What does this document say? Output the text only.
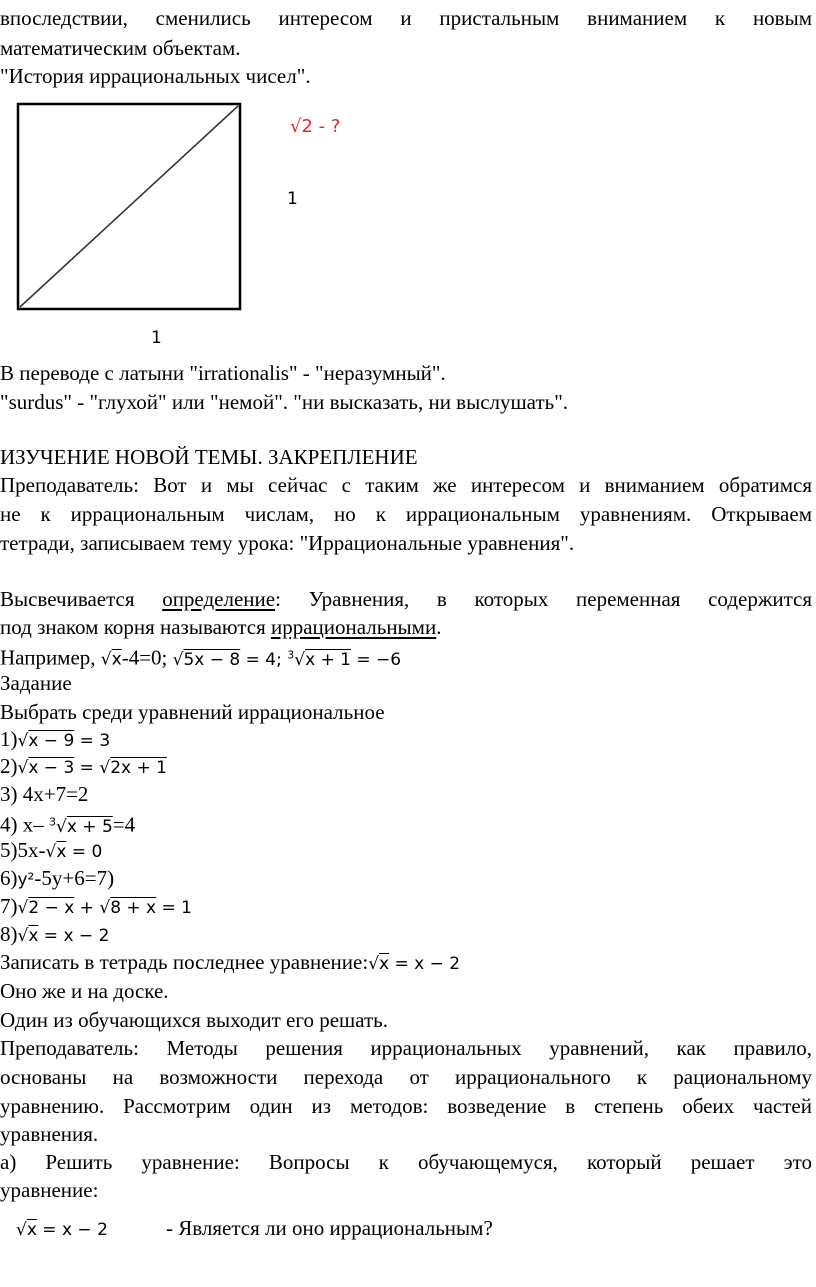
впоследствии, сменились интересом и пристальным вниманием к новым
математическим объектам.
"История иррациональных чисел".
√2 - ?
1
1
В переводе с латыни "irrationalis" - "неразумный".
"surdus" - "глухой" или "немой". "ни высказать, ни выслушать".
ИЗУЧЕНИЕ НОВОЙ ТЕМЫ. ЗАКРЕПЛЕНИЕ
Преподаватель: Вот и мы сейчас с таким же интересом и вниманием обратимся
не к иррациональным числам, но к иррациональным уравнениям. Открываем
тетради, записываем тему урока: "Иррациональные уравнения".
Высвечивается определение: Уравнения, в которых переменная содержится
под знаком корня называются иррациональными.
Например, √x-4=0; √5x − 8 = 4; $^3$√x + 1 = −6
Задание
Выбрать среди уравнений иррациональное
1)√x − 9 = 3
2)√x − 3 = √2x + 1
3) 4x+7=2
4) x– $^3$√x + 5=4
5)5x-√x = 0
6)y²-5y+6=7)
7)√2 − x + √8 + x = 1
8)√x = x − 2
Записать в тетрадь последнее уравнение:√x = x − 2
Оно же и на доске.
Один из обучающихся выходит его решать.
Преподаватель: Методы решения иррациональных уравнений, как правило,
основаны на возможности перехода от иррационального к рациональному
уравнению. Рассмотрим один из методов: возведение в степень обеих частей
уравнения.
а) Решить уравнение: Вопросы к обучающемуся, который решает это
уравнение:
√x = x − 2	- Является ли оно иррациональным?
